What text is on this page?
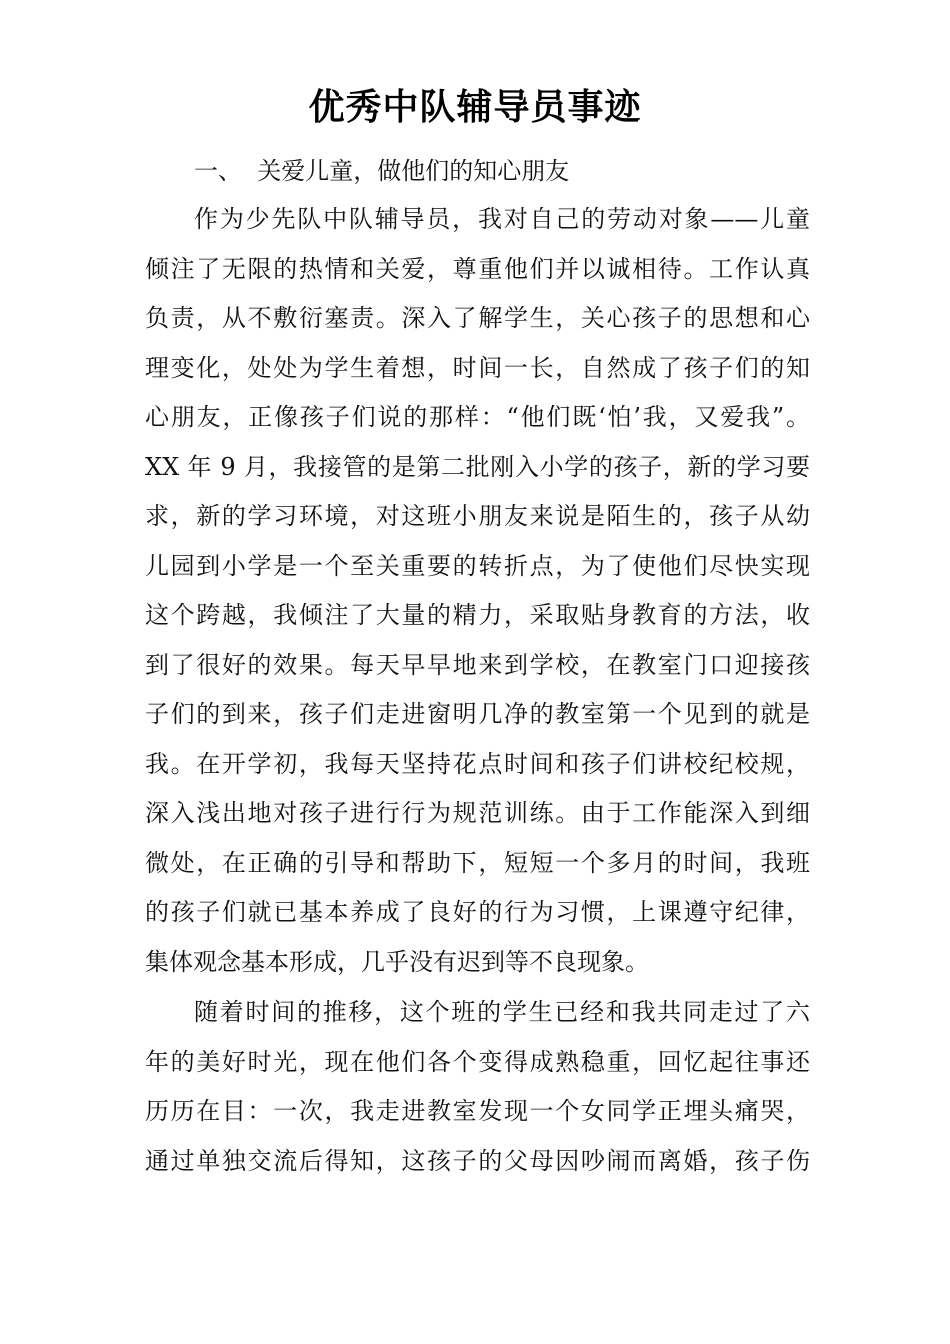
优秀中队辅导员事迹

一、  关爱儿童，做他们的知心朋友

作为少先队中队辅导员，我对自己的劳动对象——儿童
倾注了无限的热情和关爱，尊重他们并以诚相待。工作认真
负责，从不敷衍塞责。深入了解学生，关心孩子的思想和心
理变化，处处为学生着想，时间一长，自然成了孩子们的知
心朋友，正像孩子们说的那样：“他们既‘怕’我，又爱我”。
XX 年 9 月，我接管的是第二批刚入小学的孩子，新的学习要
求，新的学习环境，对这班小朋友来说是陌生的，孩子从幼
儿园到小学是一个至关重要的转折点，为了使他们尽快实现
这个跨越，我倾注了大量的精力，采取贴身教育的方法，收
到了很好的效果。每天早早地来到学校，在教室门口迎接孩
子们的到来，孩子们走进窗明几净的教室第一个见到的就是
我。在开学初，我每天坚持花点时间和孩子们讲校纪校规，
深入浅出地对孩子进行行为规范训练。由于工作能深入到细
微处，在正确的引导和帮助下，短短一个多月的时间，我班
的孩子们就已基本养成了良好的行为习惯，上课遵守纪律，
集体观念基本形成，几乎没有迟到等不良现象。
随着时间的推移，这个班的学生已经和我共同走过了六
年的美好时光，现在他们各个变得成熟稳重，回忆起往事还
历历在目：一次，我走进教室发现一个女同学正埋头痛哭，
通过单独交流后得知，这孩子的父母因吵闹而离婚，孩子伤
